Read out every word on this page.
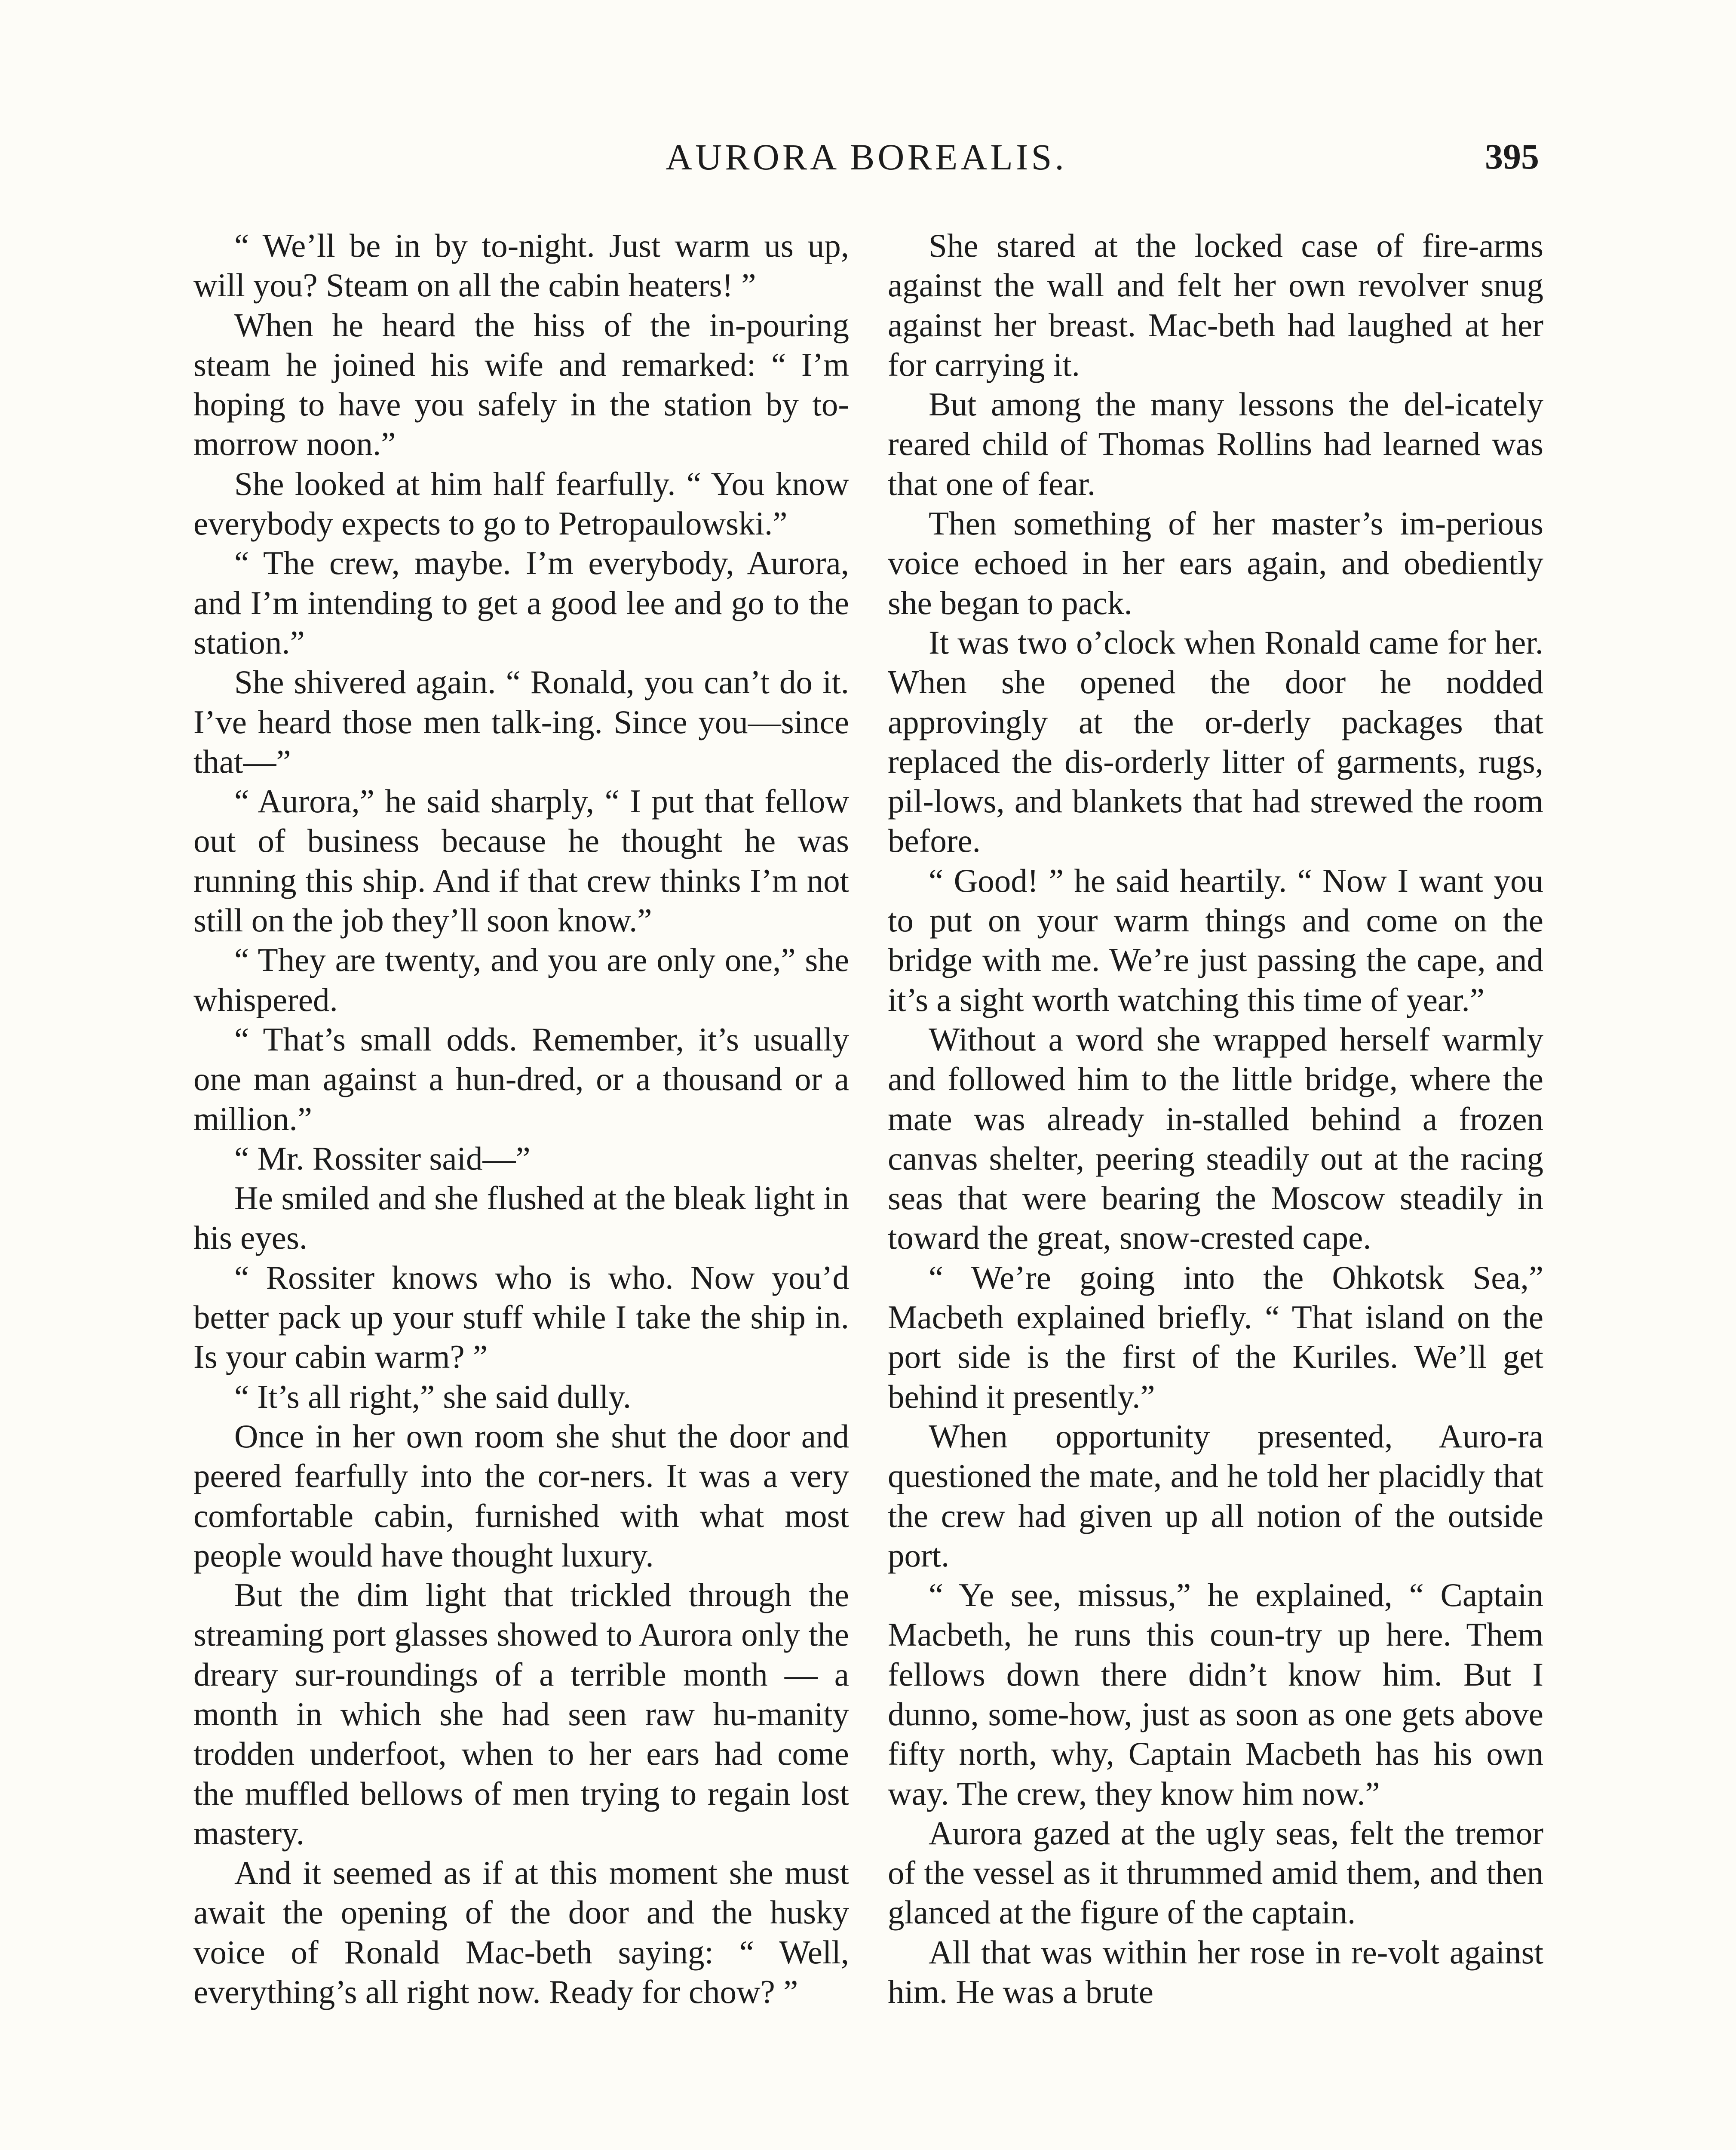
AURORA BOREALIS.	395

“ We’ll be in by to-night. Just warm us up, will you? Steam on all the cabin heaters! ”

When he heard the hiss of the in-pouring steam he joined his wife and remarked: “ I’m hoping to have you safely in the station by to-morrow noon.”

She looked at him half fearfully. “ You know everybody expects to go to Petropaulowski.”

“ The crew, maybe. I’m everybody, Aurora, and I’m intending to get a good lee and go to the station.”

She shivered again. “ Ronald, you can’t do it. I’ve heard those men talk-ing. Since you—since that—”

“ Aurora,” he said sharply, “ I put that fellow out of business because he thought he was running this ship. And if that crew thinks I’m not still on the job they’ll soon know.”

“ They are twenty, and you are only one,” she whispered.

“ That’s small odds. Remember, it’s usually one man against a hun-dred, or a thousand or a million.”

“ Mr. Rossiter said—”

He smiled and she flushed at the bleak light in his eyes.

“ Rossiter knows who is who. Now you’d better pack up your stuff while I take the ship in. Is your cabin warm? ”

“ It’s all right,” she said dully.

Once in her own room she shut the door and peered fearfully into the cor-ners. It was a very comfortable cabin, furnished with what most people would have thought luxury.

But the dim light that trickled through the streaming port glasses showed to Aurora only the dreary sur-roundings of a terrible month — a month in which she had seen raw hu-manity trodden underfoot, when to her ears had come the muffled bellows of men trying to regain lost mastery.

And it seemed as if at this moment she must await the opening of the door and the husky voice of Ronald Mac-beth saying: “ Well, everything’s all right now. Ready for chow? ”

She stared at the locked case of fire-arms against the wall and felt her own revolver snug against her breast. Mac-beth had laughed at her for carrying it.

But among the many lessons the del-icately reared child of Thomas Rollins had learned was that one of fear.

Then something of her master’s im-perious voice echoed in her ears again, and obediently she began to pack.

It was two o’clock when Ronald came for her. When she opened the door he nodded approvingly at the or-derly packages that replaced the dis-orderly litter of garments, rugs, pil-lows, and blankets that had strewed the room before.

“ Good! ” he said heartily. “ Now I want you to put on your warm things and come on the bridge with me. We’re just passing the cape, and it’s a sight worth watching this time of year.”

Without a word she wrapped herself warmly and followed him to the little bridge, where the mate was already in-stalled behind a frozen canvas shelter, peering steadily out at the racing seas that were bearing the Moscow steadily in toward the great, snow-crested cape.

“ We’re going into the Ohkotsk Sea,” Macbeth explained briefly. “ That island on the port side is the first of the Kuriles. We’ll get behind it presently.”

When opportunity presented, Auro-ra questioned the mate, and he told her placidly that the crew had given up all notion of the outside port.

“ Ye see, missus,” he explained, “ Captain Macbeth, he runs this coun-try up here. Them fellows down there didn’t know him. But I dunno, some-how, just as soon as one gets above fifty north, why, Captain Macbeth has his own way. The crew, they know him now.”

Aurora gazed at the ugly seas, felt the tremor of the vessel as it thrummed amid them, and then glanced at the figure of the captain.

All that was within her rose in re-volt against him. He was a brute
